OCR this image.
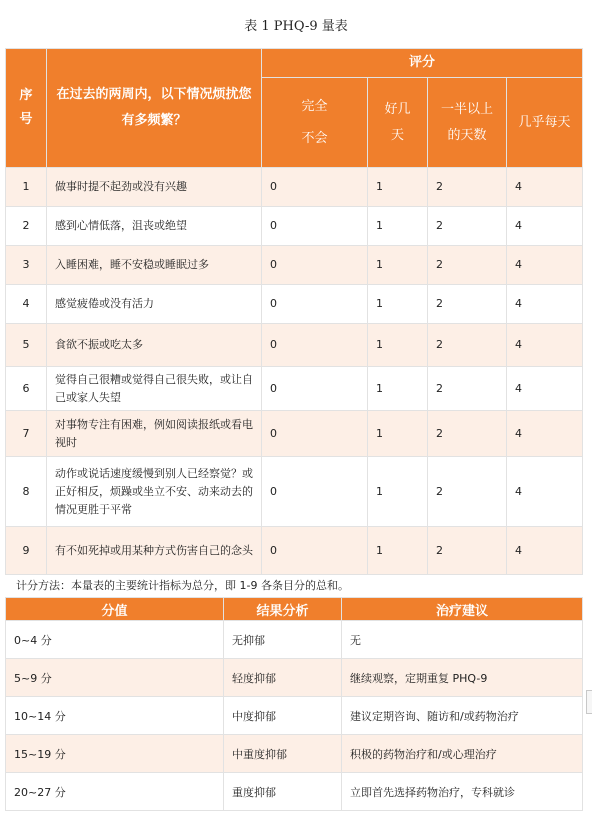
表 1 PHQ-9 量表
序号	在过去的两周内，以下情况烦扰您有多频繁？	评分			

		完全不会	好几天	一半以上的天数	几乎每天
1	做事时提不起劲或没有兴趣	0	1	2	4
2	感到心情低落，沮丧或绝望	0	1	2	4
3	入睡困难，睡不安稳或睡眠过多	0	1	2	4
4	感觉疲倦或没有活力	0	1	2	4
5	食欲不振或吃太多	0	1	2	4
6	觉得自己很糟或觉得自己很失败，或让自己或家人失望	0	1	2	4
7	对事物专注有困难，例如阅读报纸或看电视时	0	1	2	4
8	动作或说话速度缓慢到别人已经察觉？或正好相反，烦躁或坐立不安、动来动去的情况更胜于平常	0	1	2	4
9	有不如死掉或用某种方式伤害自己的念头	0	1	2	4
计分方法：本量表的主要统计指标为总分，即 1-9 各条目分的总和。
分值	结果分析	治疗建议
0~4 分	无抑郁	无
5~9 分	轻度抑郁	继续观察，定期重复 PHQ-9
10~14 分	中度抑郁	建议定期咨询、随访和/或药物治疗
15~19 分	中重度抑郁	积极的药物治疗和/或心理治疗
20~27 分	重度抑郁	立即首先选择药物治疗，专科就诊
